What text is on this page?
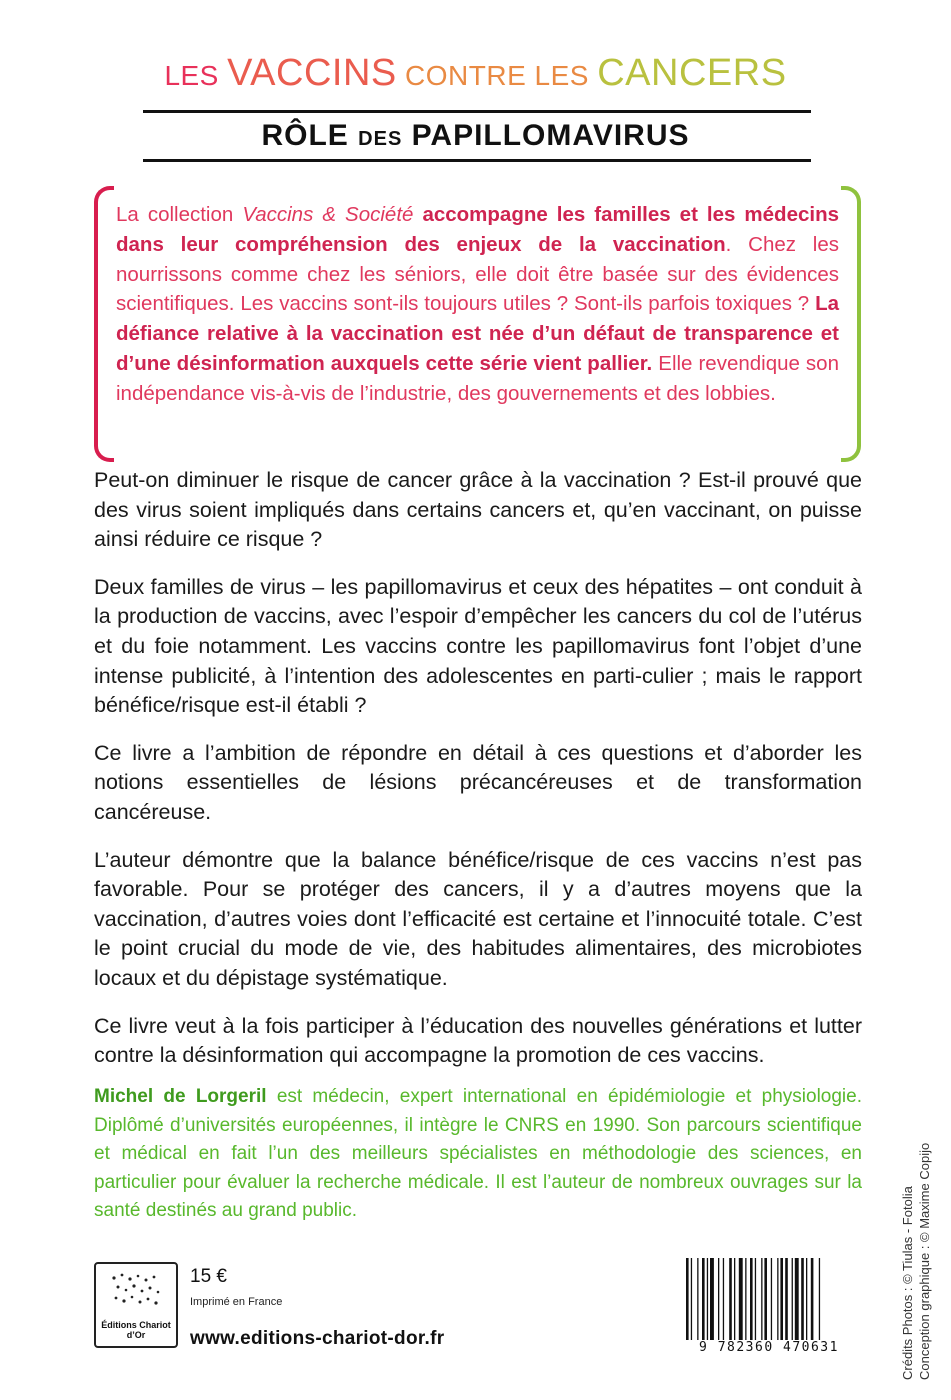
LES VACCINS CONTRE LES CANCERS
RÔLE DES PAPILLOMAVIRUS
La collection Vaccins & Société accompagne les familles et les médecins dans leur compréhension des enjeux de la vaccination. Chez les nourrissons comme chez les séniors, elle doit être basée sur des évidences scientifiques. Les vaccins sont-ils toujours utiles ? Sont-ils parfois toxiques ? La défiance relative à la vaccination est née d’un défaut de transparence et d’une désinformation auxquels cette série vient pallier. Elle revendique son indépendance vis-à-vis de l’industrie, des gouvernements et des lobbies.

Peut-on diminuer le risque de cancer grâce à la vaccination ? Est-il prouvé que des virus soient impliqués dans certains cancers et, qu’en vaccinant, on puisse ainsi réduire ce risque ?

Deux familles de virus – les papillomavirus et ceux des hépatites – ont conduit à la production de vaccins, avec l’espoir d’empêcher les cancers du col de l’utérus et du foie notamment. Les vaccins contre les papillomavirus font l’objet d’une intense publicité, à l’intention des adolescentes en parti-culier ; mais le rapport bénéfice/risque est-il établi ?

Ce livre a l’ambition de répondre en détail à ces questions et d’aborder les notions essentielles de lésions précancéreuses et de transformation cancéreuse.

L’auteur démontre que la balance bénéfice/risque de ces vaccins n’est pas favorable. Pour se protéger des cancers, il y a d’autres moyens que la vaccination, d’autres voies dont l’efficacité est certaine et l’innocuité totale. C’est le point crucial du mode de vie, des habitudes alimentaires, des microbiotes locaux et du dépistage systématique.

Ce livre veut à la fois participer à l’éducation des nouvelles générations et lutter contre la désinformation qui accompagne la promotion de ces vaccins.

Michel de Lorgeril est médecin, expert international en épidémiologie et physiologie. Diplômé d’universités européennes, il intègre le CNRS en 1990. Son parcours scientifique et médical en fait l’un des meilleurs spécialistes en méthodologie des sciences, en particulier pour évaluer la recherche médicale. Il est l’auteur de nombreux ouvrages sur la santé destinés au grand public.	Crédits Photos : © Tiulas - Fotolia Conception graphique : © Maxime Copijo
Éditions Chariot d’Or
15 €
Imprimé en France
www.editions-chariot-dor.fr	9 782360 470631
